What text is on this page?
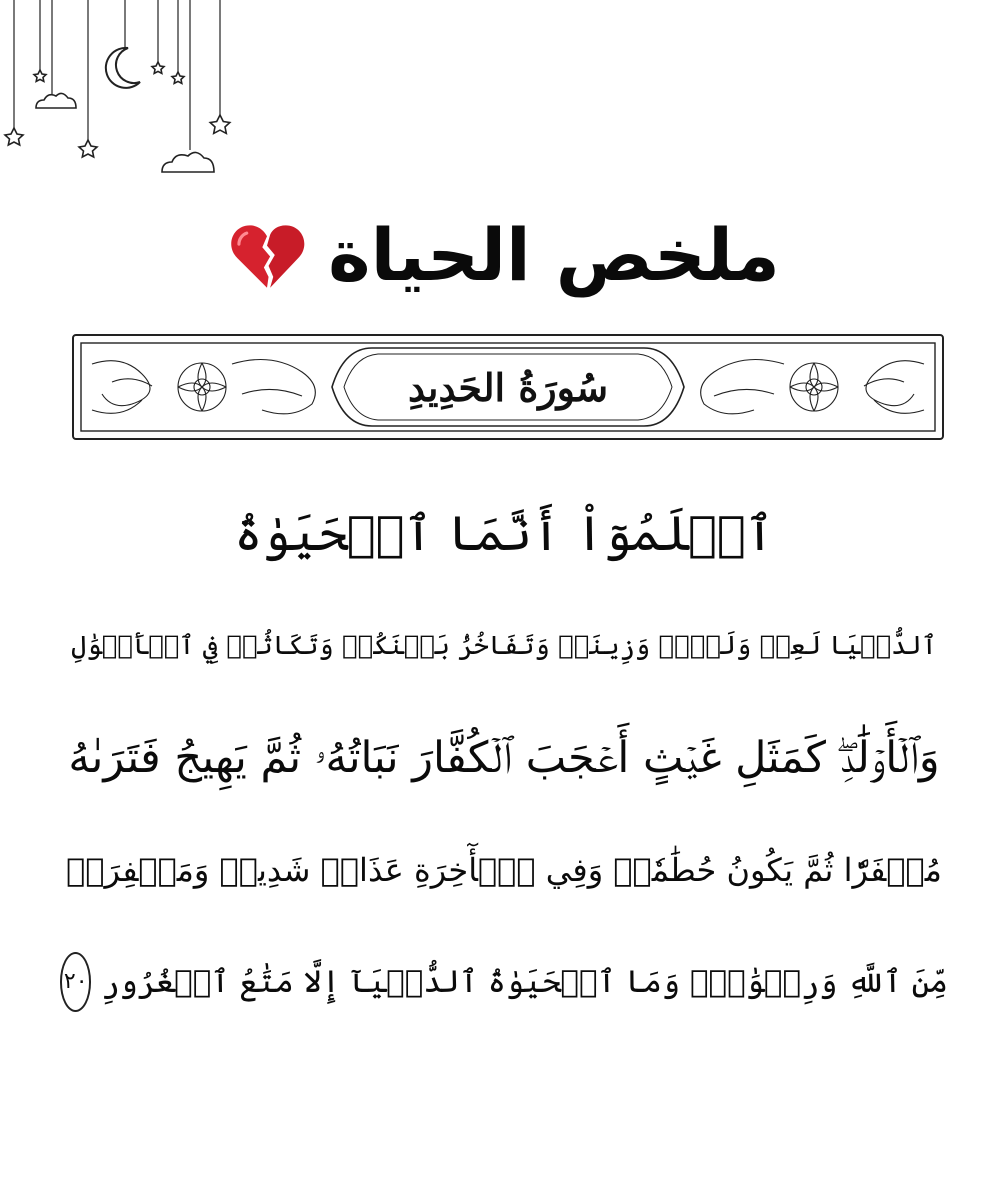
ملخص الحياة
سُورَةُ الحَدِيدِ
ٱعۡلَمُوٓاْ أَنَّمَا ٱلۡحَيَوٰةُ
ٱلدُّنۡيَا لَعِبٞ وَلَهۡوٞ وَزِينَةٞ وَتَفَاخُرُۢ بَيۡنَكُمۡ وَتَكَاثُرٞ فِي ٱلۡأَمۡوَٰلِ
وَٱلۡأَوۡلَٰدِۖ كَمَثَلِ غَيۡثٍ أَعۡجَبَ ٱلۡكُفَّارَ نَبَاتُهُۥ ثُمَّ يَهِيجُ فَتَرَىٰهُ
مُصۡفَرّٗا ثُمَّ يَكُونُ حُطَٰمٗاۖ وَفِي ٱلۡأٓخِرَةِ عَذَابٞ شَدِيدٞ وَمَغۡفِرَةٞ
مِّنَ ٱللَّهِ وَرِضۡوَٰنٞۚ وَمَا ٱلۡحَيَوٰةُ ٱلدُّنۡيَآ إِلَّا مَتَٰعُ ٱلۡغُرُورِ
٢٠
